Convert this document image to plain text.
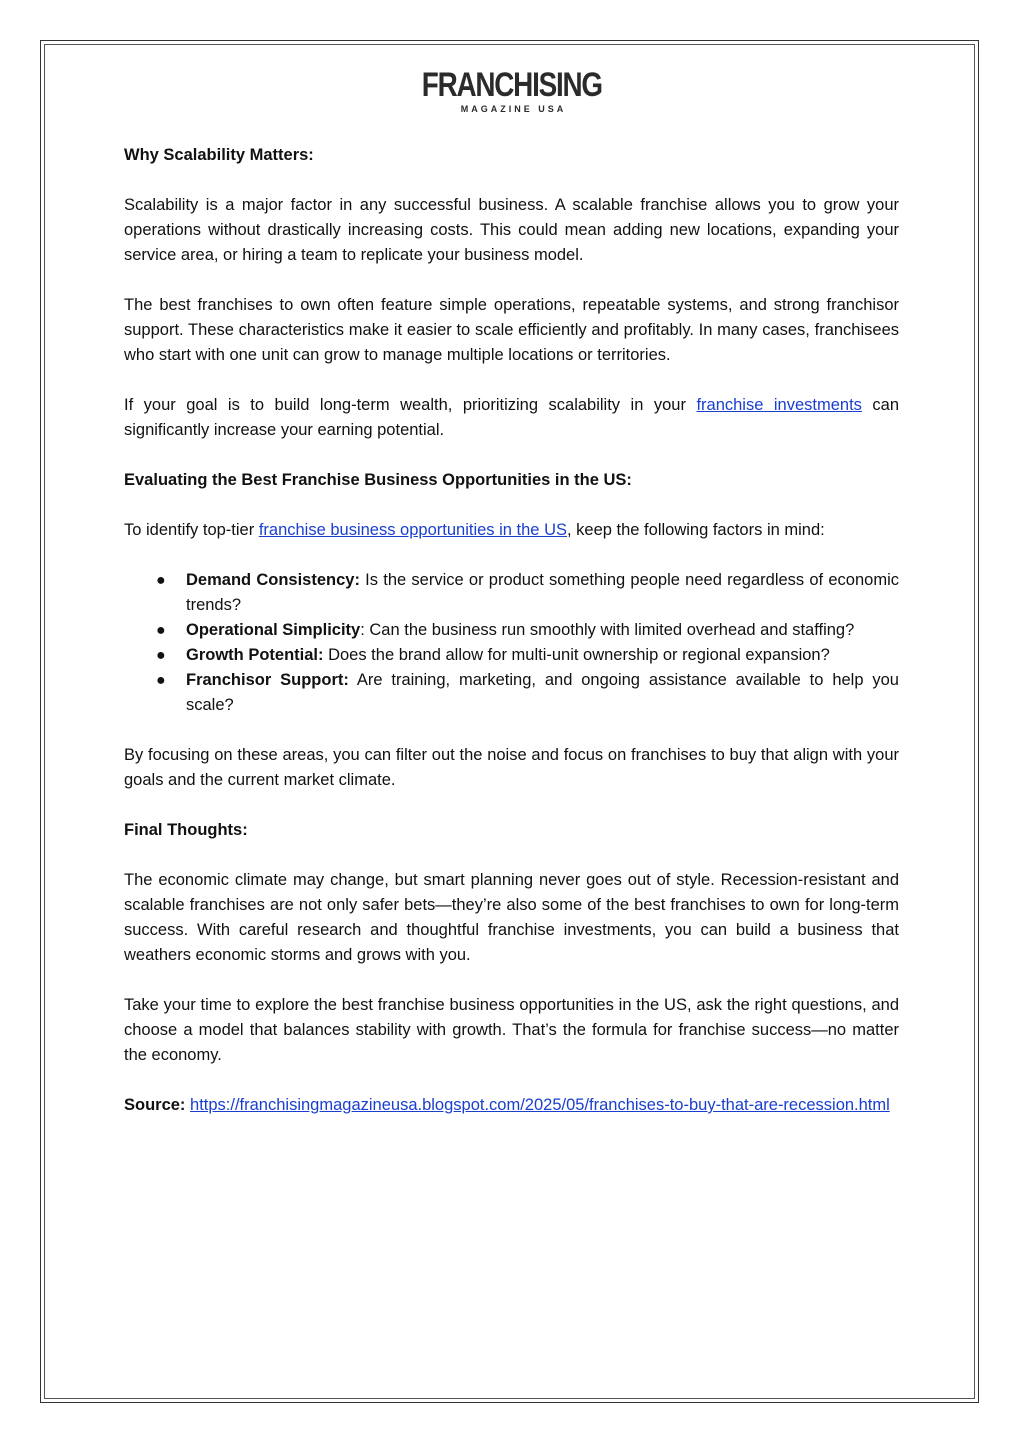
FRANCHISING
MAGAZINE USA

Why Scalability Matters:

Scalability is a major factor in any successful business. A scalable franchise allows you to grow your operations without drastically increasing costs. This could mean adding new locations, expanding your service area, or hiring a team to replicate your business model.

The best franchises to own often feature simple operations, repeatable systems, and strong franchisor support. These characteristics make it easier to scale efficiently and profitably. In many cases, franchisees who start with one unit can grow to manage multiple locations or territories.

If your goal is to build long-term wealth, prioritizing scalability in your franchise investments can significantly increase your earning potential.

Evaluating the Best Franchise Business Opportunities in the US:

To identify top-tier franchise business opportunities in the US, keep the following factors in mind:

● Demand Consistency: Is the service or product something people need regardless of economic trends?
● Operational Simplicity: Can the business run smoothly with limited overhead and staffing?
● Growth Potential: Does the brand allow for multi-unit ownership or regional expansion?
● Franchisor Support: Are training, marketing, and ongoing assistance available to help you scale?

By focusing on these areas, you can filter out the noise and focus on franchises to buy that align with your goals and the current market climate.

Final Thoughts:

The economic climate may change, but smart planning never goes out of style. Recession-resistant and scalable franchises are not only safer bets—they’re also some of the best franchises to own for long-term success. With careful research and thoughtful franchise investments, you can build a business that weathers economic storms and grows with you.

Take your time to explore the best franchise business opportunities in the US, ask the right questions, and choose a model that balances stability with growth. That’s the formula for franchise success—no matter the economy.

Source: https://franchisingmagazineusa.blogspot.com/2025/05/franchises-to-buy-that-are-recession.html
